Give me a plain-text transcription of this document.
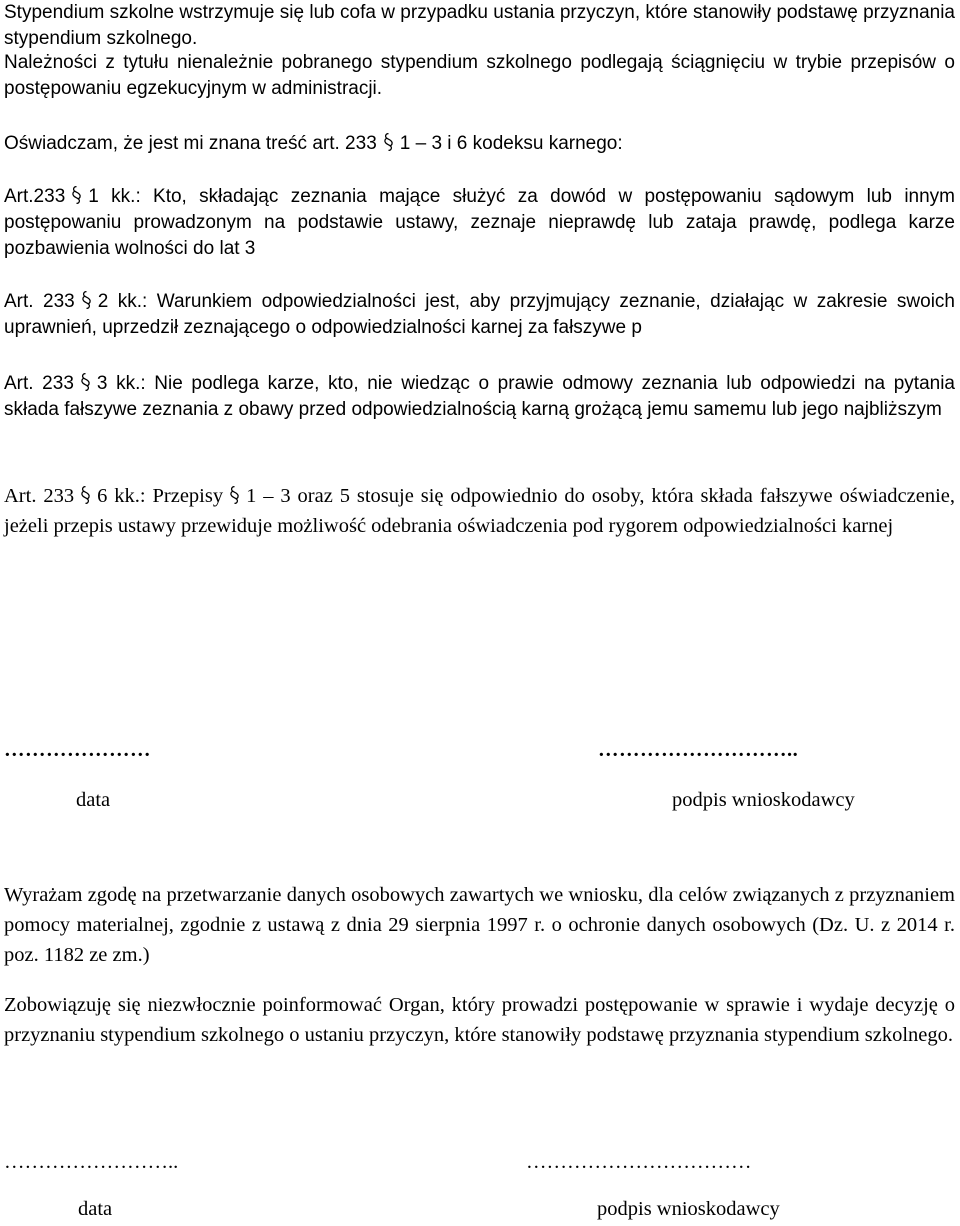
Stypendium szkolne wstrzymuje się lub cofa w przypadku ustania przyczyn, które stanowiły podstawę przyznania stypendium szkolnego.

Należności z tytułu nienależnie pobranego stypendium szkolnego podlegają ściągnięciu w trybie przepisów o postępowaniu egzekucyjnym w administracji.

Oświadczam, że jest mi znana treść art. 233 1 – 3 i 6 kodeksu karnego:

Art.233 1 kk.: Kto, składając zeznania mające służyć za dowód w postępowaniu sądowym lub innym postępowaniu prowadzonym na podstawie ustawy, zeznaje nieprawdę lub zataja prawdę, podlega karze pozbawienia wolności do lat 3

Art. 233 2 kk.: Warunkiem odpowiedzialności jest, aby przyjmujący zeznanie, działając w zakresie swoich uprawnień, uprzedził zeznającego o odpowiedzialności karnej za fałszywe p

Art. 233 3 kk.: Nie podlega karze, kto, nie wiedząc o prawie odmowy zeznania lub odpowiedzi na pytania składa fałszywe zeznania z obawy przed odpowiedzialnością karną grożącą jemu samemu lub jego najbliższym

Art. 233 6 kk.: Przepisy 1 – 3 oraz 5 stosuje się odpowiednio do osoby, która składa fałszywe oświadczenie, jeżeli przepis ustawy przewiduje możliwość odebrania oświadczenia pod rygorem odpowiedzialności karnej

…………………
data
………………………..
podpis wnioskodawcy

Wyrażam zgodę na przetwarzanie danych osobowych zawartych we wniosku, dla celów związanych z przyznaniem pomocy materialnej, zgodnie z ustawą z dnia 29 sierpnia 1997 r. o ochronie danych osobowych (Dz. U. z 2014 r. poz. 1182 ze zm.)

Zobowiązuję się niezwłocznie poinformować Organ, który prowadzi postępowanie w sprawie i wydaje decyzję o przyznaniu stypendium szkolnego o ustaniu przyczyn, które stanowiły podstawę przyznania stypendium szkolnego.

……………………..
data
……………………………
podpis wnioskodawcy
